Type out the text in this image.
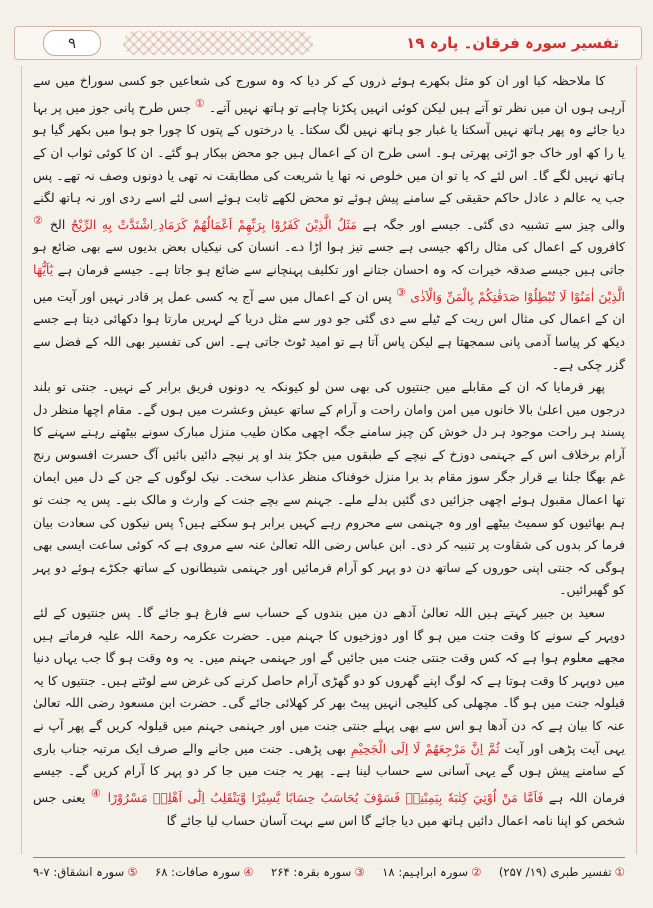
۹	تفسیر سورہ فرقان۔ پارہ ۱۹

کا ملاحظہ کیا اور ان کو مثل بکھرے ہوئے ذروں کے کر دیا کہ وہ سورج کی شعاعیں جو کسی سوراخ میں سے آرہی ہوں ان میں نظر تو آتے ہیں لیکن کوئی انہیں پکڑنا چاہے تو ہاتھ نہیں آتے۔ ① جس طرح پانی جوز میں پر بہا دیا جائے وہ پھر ہاتھ نہیں آسکتا یا غبار جو ہاتھ نہیں لگ سکتا۔ یا درختوں کے پتوں کا چورا جو ہوا میں بکھر گیا ہو یا را کھ اور خاک جو اڑتی پھرتی ہو۔ اسی طرح ان کے اعمال ہیں جو محض بیکار ہو گئے۔ ان کا کوئی ثواب ان کے ہاتھ نہیں لگے گا۔ اس لئے کہ یا تو ان میں خلوص نہ تھا یا شریعت کی مطابقت نہ تھی یا دونوں وصف نہ تھے۔ پس جب یہ عالم د عادل حاکم حقیقی کے سامنے پیش ہوئے تو محض لکھے ثابت ہوئے اسی لئے اسے ردی اور نہ ہاتھ لگنے والی چیز سے تشبیہ دی گئی۔ جیسے اور جگہ ہے مَثَلُ الَّذِيْنَ كَفَرُوْا بِرَبِّهِمْ اَعْمَالُهُمْ كَرَمَادِ ِاشْتَدَّتْ بِهِ الرِّيْحُ الخ ② کافروں کے اعمال کی مثال راکھ جیسی ہے جسے تیز ہوا اڑا دے۔ انسان کی نیکیاں بعض بدیوں سے بھی ضائع ہو جاتی ہیں جیسے صدقہ خیرات کہ وہ احسان جتانے اور تکلیف پہنچانے سے ضائع ہو جاتا ہے۔ جیسے فرمان ہے يٰٓاَيُّهَا الَّذِيْنَ اٰمَنُوْا لَا تُبْطِلُوْا صَدَقٰتِكُمْ بِالْمَنِّ وَالْاَذٰى ③ پس ان کے اعمال میں سے آج یہ کسی عمل پر قادر نہیں اور آیت میں ان کے اعمال کی مثال اس ریت کے ٹیلے سے دی گئی جو دور سے مثل دریا کے لہریں مارتا ہوا دکھائی دیتا ہے جسے دیکھ کر پیاسا آدمی پانی سمجھتا ہے لیکن پاس آتا ہے تو امید ٹوٹ جاتی ہے۔ اس کی تفسیر بھی اللہ کے فضل سے گزر چکی ہے۔

پھر فرمایا کہ ان کے مقابلے میں جنتیوں کی بھی سن لو کیونکہ یہ دونوں فریق برابر کے نہیں۔ جنتی تو بلند درجوں میں اعلیٰ بالا خانوں میں امن وامان راحت و آرام کے ساتھ عیش وعشرت میں ہوں گے۔ مقام اچھا منظر دل پسند ہر راحت موجود ہر دل خوش کن چیز سامنے جگہ اچھی مکان طیب منزل مبارک سونے بیٹھنے رہنے سہنے کا آرام برخلاف اس کے جہنمی دوزخ کے نیچے کے طبقوں میں جکڑ بند او پر نیچے دائیں بائیں آگ حسرت افسوس رنج غم بھگا جلنا بے قرار جگر سوز مقام بد برا منزل خوفناک منظر عذاب سخت۔ نیک لوگوں کے جن کے دل میں ایمان تھا اعمال مقبول ہوئے اچھی جزائیں دی گئیں بدلے ملے۔ جہنم سے بچے جنت کے وارث و مالک بنے۔ پس یہ جنت تو ہم بھائیوں کو سمیٹ بیٹھے اور وہ جہنمی سے محروم رہے کہیں برابر ہو سکتے ہیں؟ پس نیکوں کی سعادت بیان فرما کر بدوں کی شقاوت پر تنبیہ کر دی۔ ابن عباس رضی اللہ تعالیٰ عنہ سے مروی ہے کہ کوئی ساعت ایسی بھی ہوگی کہ جنتی اپنی حوروں کے ساتھ دن دو پہر کو آرام فرمائیں اور جہنمی شیطانوں کے ساتھ جکڑے ہوئے دو پہر کو گھبرائیں۔

سعید بن جبیر کہتے ہیں اللہ تعالیٰ آدھے دن میں بندوں کے حساب سے فارغ ہو جائے گا۔ پس جنتیوں کے لئے دوپہر کے سونے کا وقت جنت میں ہو گا اور دوزخیوں کا جہنم میں۔ حضرت عکرمہ رحمۃ اللہ علیہ فرماتے ہیں مجھے معلوم ہوا ہے کہ کس وقت جنتی جنت میں جائیں گے اور جہنمی جہنم میں۔ یہ وہ وقت ہو گا جب یہاں دنیا میں دوپہر کا وقت ہوتا ہے کہ لوگ اپنے گھروں کو دو گھڑی آرام حاصل کرنے کی غرض سے لوٹتے ہیں۔ جنتیوں کا یہ قیلولہ جنت میں ہو گا۔ مچھلی کی کلیجی انہیں پیٹ بھر کر کھلائی جائے گی۔ حضرت ابن مسعود رضی اللہ تعالیٰ عنہ کا بیان ہے کہ دن آدھا ہو اس سے بھی پہلے جنتی جنت میں اور جہنمی جہنم میں قیلولہ کریں گے پھر آپ نے یہی آیت پڑھی اور آیت ثُمَّ اِنَّ مَرْجِعَهُمْ لَا اِلَى الْجَحِيْمِ بھی پڑھی۔ جنت میں جانے والے صرف ایک مرتبہ جناب باری کے سامنے پیش ہوں گے یہی آسانی سے حساب لینا ہے۔ پھر یہ جنت میں جا کر دو پہر کا آرام کریں گے۔ جیسے فرمان اللہ ہے فَاَمَّا مَنْ اُوْتِيَ كِتٰبَهٗ بِيَمِيْنِهٖ فَسَوْفَ يُحَاسَبُ حِسَابًا يَّسِيْرًا وَّيَنْقَلِبُ اِلٰٓى اَهْلِهٖ مَسْرُوْرًا ④ یعنی جس شخص کو اپنا نامہ اعمال دائیں ہاتھ میں دیا جائے گا اس سے بہت آسان حساب لیا جائے گا

①تفسیر طبری (۱۹/ ۲۵۷)
②سورہ ابراہیم: ۱۸
③سورہ بقرہ: ۲۶۴
④سورہ صافات: ۶۸
⑤سورہ انشقاق: ۷-۹
